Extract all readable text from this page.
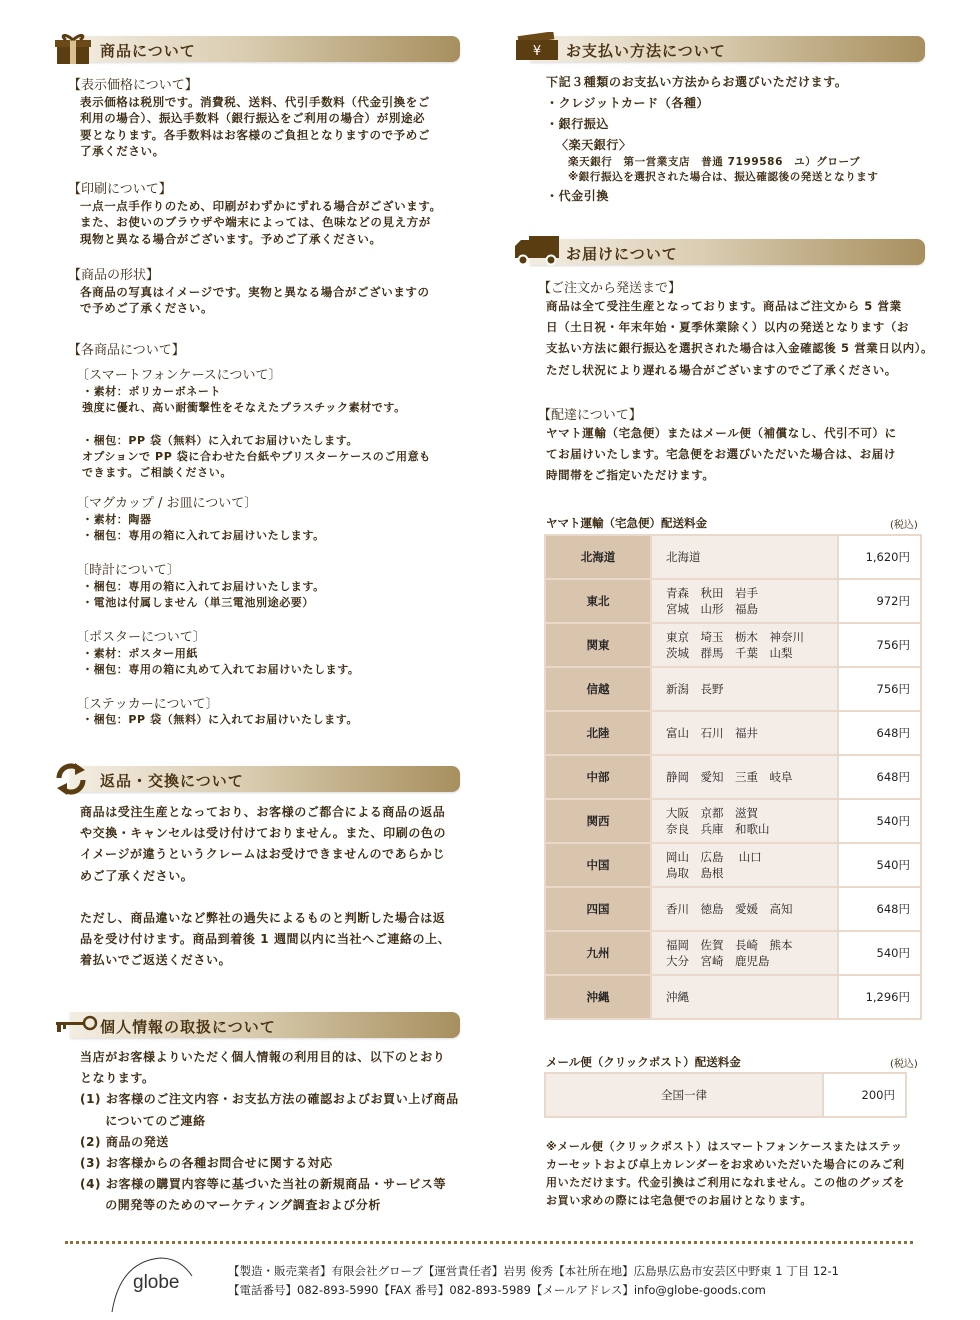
商品について
【表示価格について】
表示価格は税別です。消費税、送料、代引手数料（代金引換をご
利用の場合）、振込手数料（銀行振込をご利用の場合）が別途必
要となります。各手数料はお客様のご負担となりますので予めご
了承ください。
【印刷について】
一点一点手作りのため、印刷がわずかにずれる場合がございます。
また、お使いのブラウザや端末によっては、色味などの見え方が
現物と異なる場合がございます。予めご了承ください。
【商品の形状】
各商品の写真はイメージです。実物と異なる場合がございますの
で予めご了承ください。
【各商品について】
〔スマートフォンケースについて〕
・素材：ポリカーボネート
強度に優れ、高い耐衝撃性をそなえたプラスチック素材です。
・梱包：PP 袋（無料）に入れてお届けいたします。
オプションで PP 袋に合わせた台紙やブリスターケースのご用意も
できます。ご相談ください。
〔マグカップ / お皿について〕
・素材：陶器
・梱包：専用の箱に入れてお届けいたします。
〔時計について〕
・梱包：専用の箱に入れてお届けいたします。
・電池は付属しません（単三電池別途必要）
〔ポスターについて〕
・素材：ポスター用紙
・梱包：専用の箱に丸めて入れてお届けいたします。
〔ステッカーについて〕
・梱包：PP 袋（無料）に入れてお届けいたします。
返品・交換について
商品は受注生産となっており、お客様のご都合による商品の返品
や交換・キャンセルは受け付けておりません。また、印刷の色の
イメージが違うというクレームはお受けできませんのであらかじ
めご了承ください。
ただし、商品違いなど弊社の過失によるものと判断した場合は返
品を受け付けます。商品到着後 1 週間以内に当社へご連絡の上、
着払いでご返送ください。
個人情報の取扱について
当店がお客様よりいただく個人情報の利用目的は、以下のとおり
となります。
(1) お客様のご注文内容・お支払方法の確認およびお買い上げ商品
　　についてのご連絡
(2) 商品の発送
(3) お客様からの各種お問合せに関する対応
(4) お客様の購買内容等に基づいた当社の新規商品・サービス等
　　の開発等のためのマーケティング調査および分析
¥ お支払い方法について
下記３種類のお支払い方法からお選びいただけます。
・クレジットカード（各種）
・銀行振込
〈楽天銀行〉
楽天銀行　第一営業支店　普通 7199586　ユ）グローブ
※銀行振込を選択された場合は、振込確認後の発送となります
・代金引換
お届けについて
【ご注文から発送まで】
商品は全て受注生産となっております。商品はご注文から 5 営業
日（土日祝・年末年始・夏季休業除く）以内の発送となります（お
支払い方法に銀行振込を選択された場合は入金確認後 5 営業日以内）。
ただし状況により遅れる場合がございますのでご了承ください。
【配達について】
ヤマト運輸（宅急便）またはメール便（補償なし、代引不可）に
てお届けいたします。宅急便をお選びいただいた場合は、お届け
時間帯をご指定いただけます。
ヤマト運輸（宅急便）配送料金	(税込)
北海道	北海道	1,620円
東北	青森　秋田　岩手
宮城　山形　福島	972円
関東	東京　埼玉　栃木　神奈川
茨城　群馬　千葉　山梨	756円
信越	新潟　長野	756円
北陸	富山　石川　福井	648円
中部	静岡　愛知　三重　岐阜	648円
関西	大阪　京都　滋賀
奈良　兵庫　和歌山	540円
中国	岡山　広島　 山口
鳥取　島根	540円
四国	香川　徳島　愛媛　高知	648円
九州	福岡　佐賀　長崎　熊本
大分　宮崎　鹿児島	540円
沖縄	沖縄	1,296円
メール便（クリックポスト）配送料金	(税込)
全国一律	200円
※メール便（クリックポスト）はスマートフォンケースまたはステッ
カーセットおよび卓上カレンダーをお求めいただいた場合にのみご利
用いただけます。代金引換はご利用になれません。この他のグッズを
お買い求めの際には宅急便でのお届けとなります。
globe
【製造・販売業者】有限会社グローブ【運営責任者】岩男 俊秀【本社所在地】広島県広島市安芸区中野東 1 丁目 12-1
【電話番号】082-893-5990【FAX 番号】082-893-5989【メールアドレス】info@globe-goods.com
